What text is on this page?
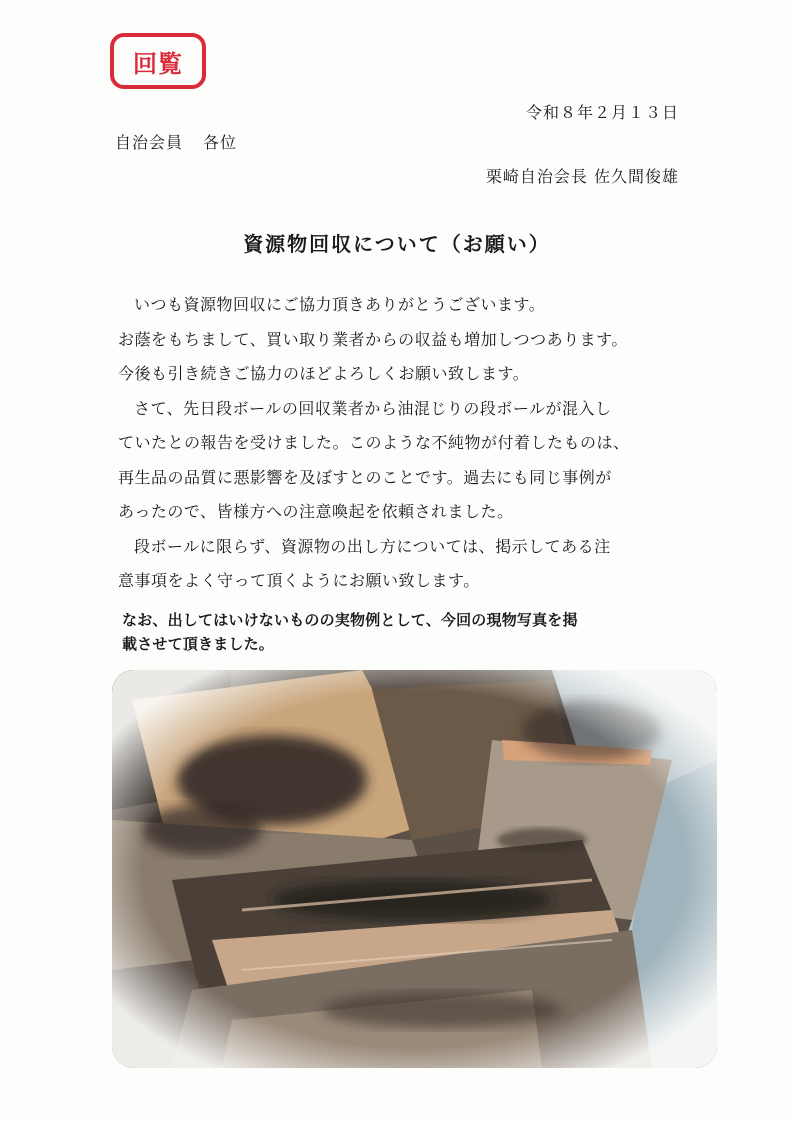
回覧
令和８年２月１３日
自治会員 各位
栗崎自治会長 佐久間俊雄
資源物回収について（お願い）

いつも資源物回収にご協力頂きありがとうございます。

お蔭をもちまして、買い取り業者からの収益も増加しつつあります。

今後も引き続きご協力のほどよろしくお願い致します。

さて、先日段ボールの回収業者から油混じりの段ボールが混入し

ていたとの報告を受けました。このような不純物が付着したものは、

再生品の品質に悪影響を及ぼすとのことです。過去にも同じ事例が

あったので、皆様方への注意喚起を依頼されました。

段ボールに限らず、資源物の出し方については、掲示してある注

意事項をよく守って頂くようにお願い致します。

なお、出してはいけないものの実物例として、今回の現物写真を掲

載させて頂きました。
